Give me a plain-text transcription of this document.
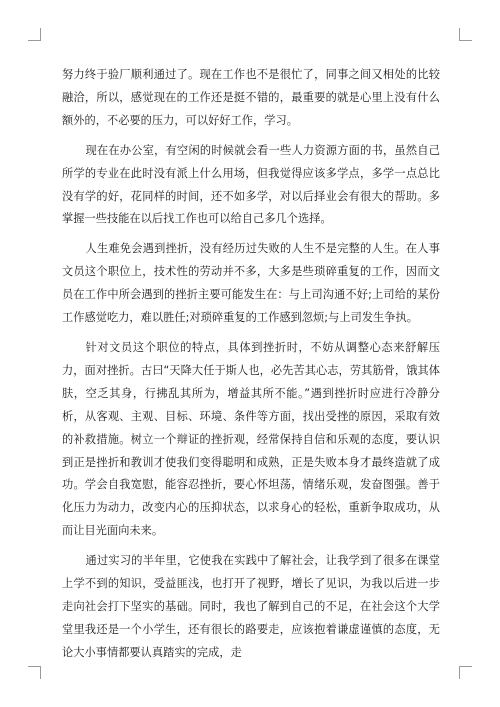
努力终于验厂顺利通过了。现在工作也不是很忙了，同事之间又相处的比较融洽，所以，感觉现在的工作还是挺不错的，最重要的就是心里上没有什么额外的，不必要的压力，可以好好工作，学习。

现在在办公室，有空闲的时候就会看一些人力资源方面的书，虽然自己所学的专业在此时没有派上什么用场，但我觉得应该多学点，多学一点总比没有学的好，花同样的时间，还不如多学，对以后择业会有很大的帮助。多掌握一些技能在以后找工作也可以给自己多几个选择。

人生难免会遇到挫折，没有经历过失败的人生不是完整的人生。在人事文员这个职位上，技术性的劳动并不多，大多是些琐碎重复的工作，因而文员在工作中所会遇到的挫折主要可能发生在：与上司沟通不好;上司给的某份工作感觉吃力，难以胜任;对琐碎重复的工作感到忽烦;与上司发生争执。

针对文员这个职位的特点，具体到挫折时，不妨从调整心态来舒解压力，面对挫折。古曰“天降大任于斯人也，必先苦其心志，劳其筋骨，饿其体肤，空乏其身，行拂乱其所为，增益其所不能。”遇到挫折时应进行冷静分析，从客观、主观、目标、环境、条件等方面，找出受挫的原因，采取有效的补救措施。树立一个辩证的挫折观，经常保持自信和乐观的态度，要认识到正是挫折和教训才使我们变得聪明和成熟，正是失败本身才最终造就了成功。学会自我宽慰，能容忍挫折，要心怀坦荡，情绪乐观，发奋图强。善于化压力为动力，改变内心的压抑状态，以求身心的轻松，重新争取成功，从而让目光面向未来。

通过实习的半年里，它使我在实践中了解社会，让我学到了很多在课堂上学不到的知识，受益匪浅，也打开了视野，增长了见识，为我以后进一步走向社会打下坚实的基础。同时，我也了解到自己的不足，在社会这个大学堂里我还是一个小学生，还有很长的路要走，应该抱着谦虚谨慎的态度，无论大小事情都要认真踏实的完成，走
